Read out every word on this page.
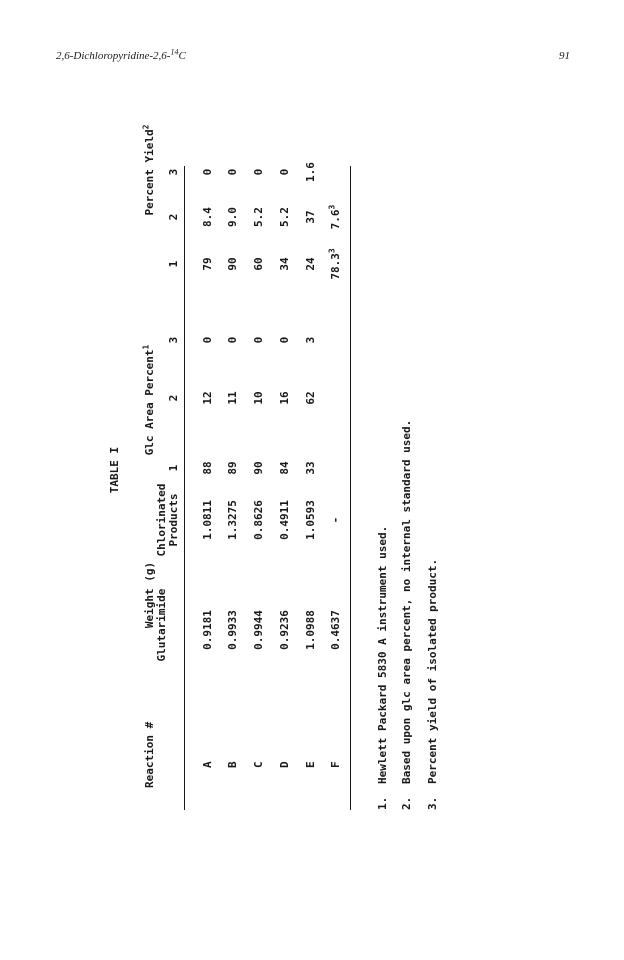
2,6-Dichloropyridine-2,6-$^{14}$C	91
TABLE I
Reaction #
Weight (g) Glutarimide
Chlorinated Products
Glc Area Percent$^1$
Percent Yield$^2$
1
2
3
1
2
3
A
0.9181
1.0811
88
12
0
79
8.4
0
B
0.9933
1.3275
89
11
0
90
9.0
0
C
0.9944
0.8626
90
10
0
60
5.2
0
D
0.9236
0.4911
84
16
0
34
5.2
0
E
1.0988
1.0593
33
62
3
24
37
1.6
F
0.4637
-
78.3$^3$
$7.6^3$
1.Hewlett Packard 5830 A instrument used.
2.Based upon glc area percent, no internal standard used.
3.Percent yield of isolated product.
